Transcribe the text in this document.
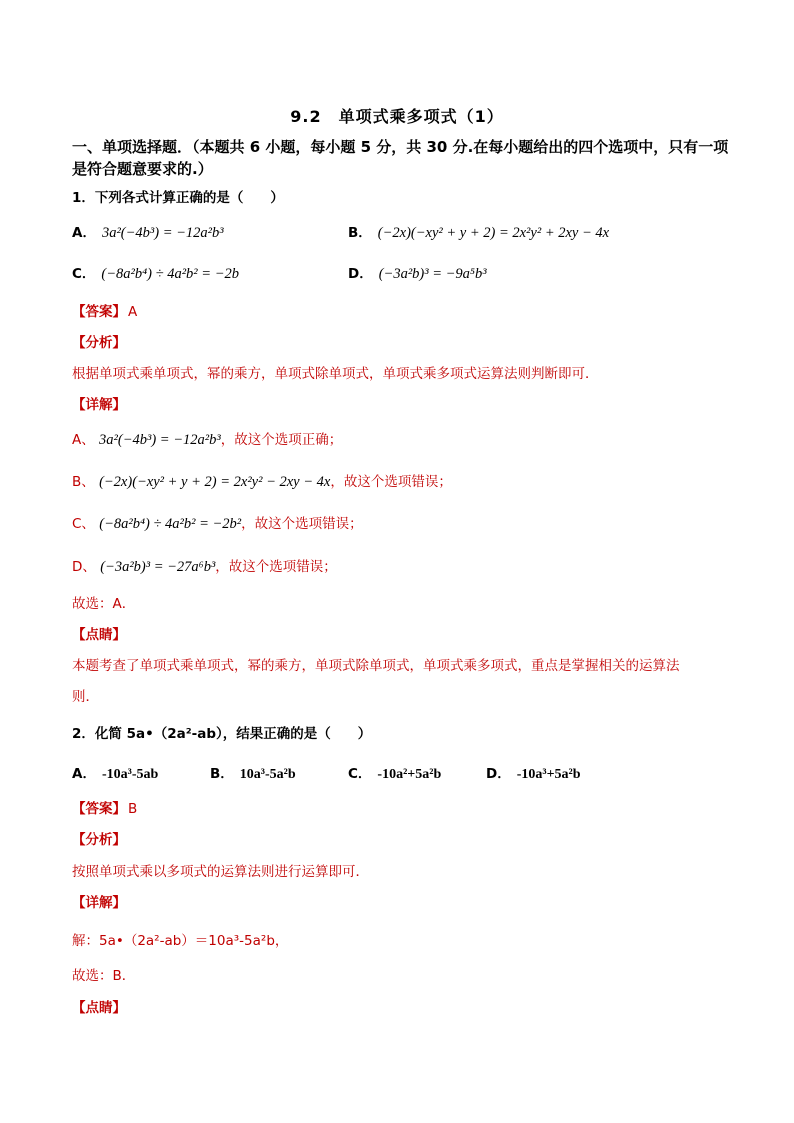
9.2　单项式乘多项式（1）
一、单项选择题．（本题共 6 小题，每小题 5 分，共 30 分.在每小题给出的四个选项中，只有一项是符合题意要求的.）
1．下列各式计算正确的是（　　）
A． 3a²(−4b³) = −12a²b³	B． (−2x)(−xy² + y + 2) = 2x²y² + 2xy − 4x
C． (−8a²b⁴) ÷ 4a²b² = −2b	D． (−3a²b)³ = −9a⁵b³
【答案】 A
【分析】
根据单项式乘单项式，幂的乘方，单项式除单项式，单项式乘多项式运算法则判断即可．
【详解】
A、 3a²(−4b³) = −12a²b³，故这个选项正确；
B、 (−2x)(−xy² + y + 2) = 2x²y² − 2xy − 4x，故这个选项错误；
C、 (−8a²b⁴) ÷ 4a²b² = −2b²，故这个选项错误；
D、 (−3a²b)³ = −27a⁶b³，故这个选项错误；
故选：A．
【点睛】
本题考查了单项式乘单项式，幂的乘方，单项式除单项式，单项式乘多项式，重点是掌握相关的运算法
则．
2．化简 5a•（2a²-ab），结果正确的是（　　）
A． -10a³-5ab	B． 10a³-5a²b	C． -10a²+5a²b	D． -10a³+5a²b
【答案】 B
【分析】
按照单项式乘以多项式的运算法则进行运算即可．
【详解】
解：5a•（2a²-ab）＝10a³-5a²b，
故选：B．
【点睛】
